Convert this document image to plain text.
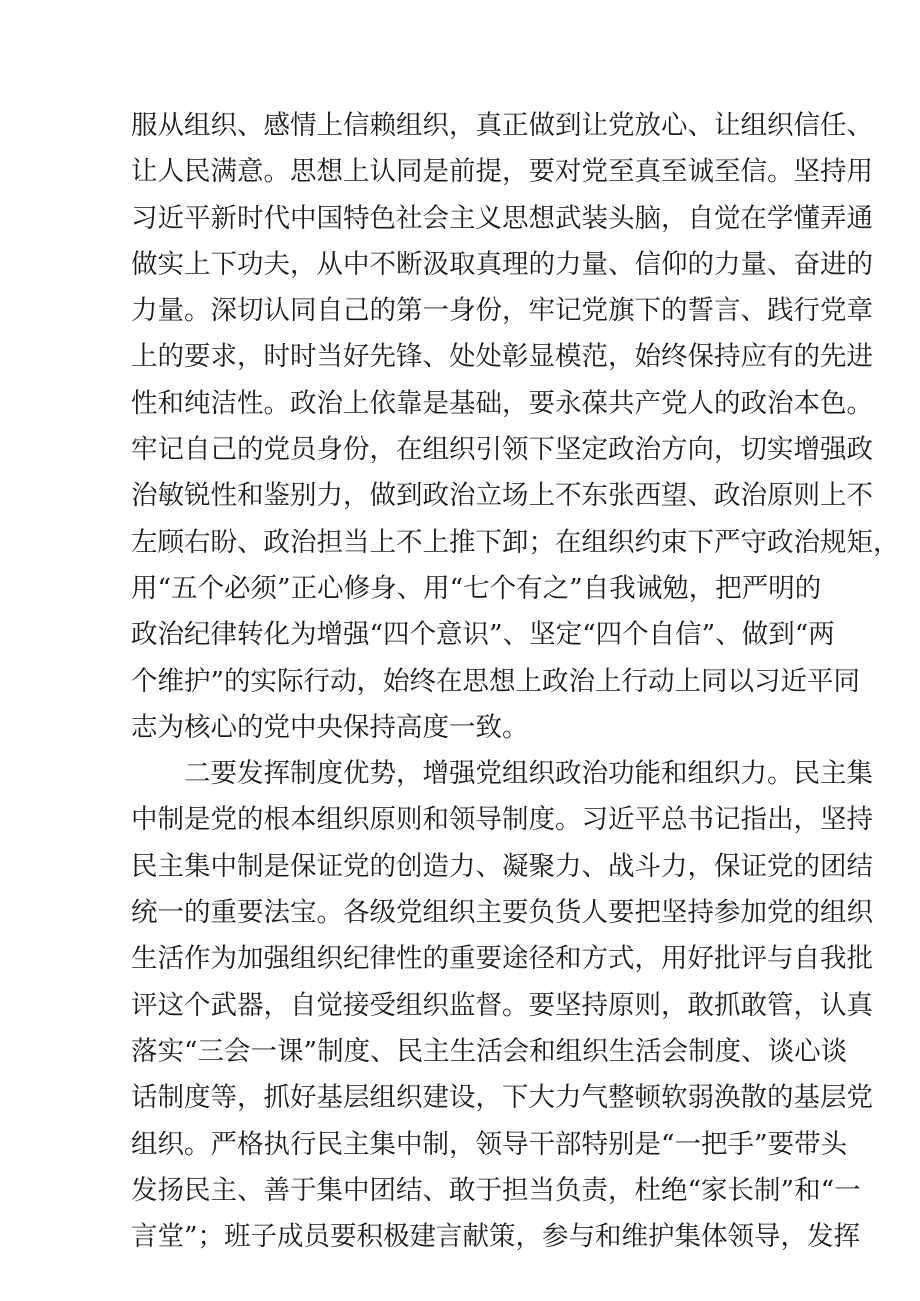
服从组织、感情上信赖组织，真正做到让党放心、让组织信任、
让人民满意。思想上认同是前提，要对党至真至诚至信。坚持用
习近平新时代中国特色社会主义思想武装头脑，自觉在学懂弄通
做实上下功夫，从中不断汲取真理的力量、信仰的力量、奋进的
力量。深切认同自己的第一身份，牢记党旗下的誓言、践行党章
上的要求，时时当好先锋、处处彰显模范，始终保持应有的先进
性和纯洁性。政治上依靠是基础，要永葆共产党人的政治本色。
牢记自己的党员身份，在组织引领下坚定政治方向，切实增强政
治敏锐性和鉴别力，做到政治立场上不东张西望、政治原则上不
左顾右盼、政治担当上不上推下卸；在组织约束下严守政治规矩，
用“五个必须”正心修身、用“七个有之”自我诫勉，把严明的
政治纪律转化为增强“四个意识”、坚定“四个自信”、做到“两
个维护”的实际行动，始终在思想上政治上行动上同以习近平同
志为核心的党中央保持高度一致。
二要发挥制度优势，增强党组织政治功能和组织力。民主集
中制是党的根本组织原则和领导制度。习近平总书记指出，坚持
民主集中制是保证党的创造力、凝聚力、战斗力，保证党的团结
统一的重要法宝。各级党组织主要负货人要把坚持参加党的组织
生活作为加强组织纪律性的重要途径和方式，用好批评与自我批
评这个武器，自觉接受组织监督。要坚持原则，敢抓敢管，认真
落实“三会一课”制度、民主生活会和组织生活会制度、谈心谈
话制度等，抓好基层组织建设，下大力气整顿软弱涣散的基层党
组织。严格执行民主集中制，领导干部特别是“一把手”要带头
发扬民主、善于集中团结、敢于担当负责，杜绝“家长制”和“一
言堂”；班子成员要积极建言献策，参与和维护集体领导，发挥
